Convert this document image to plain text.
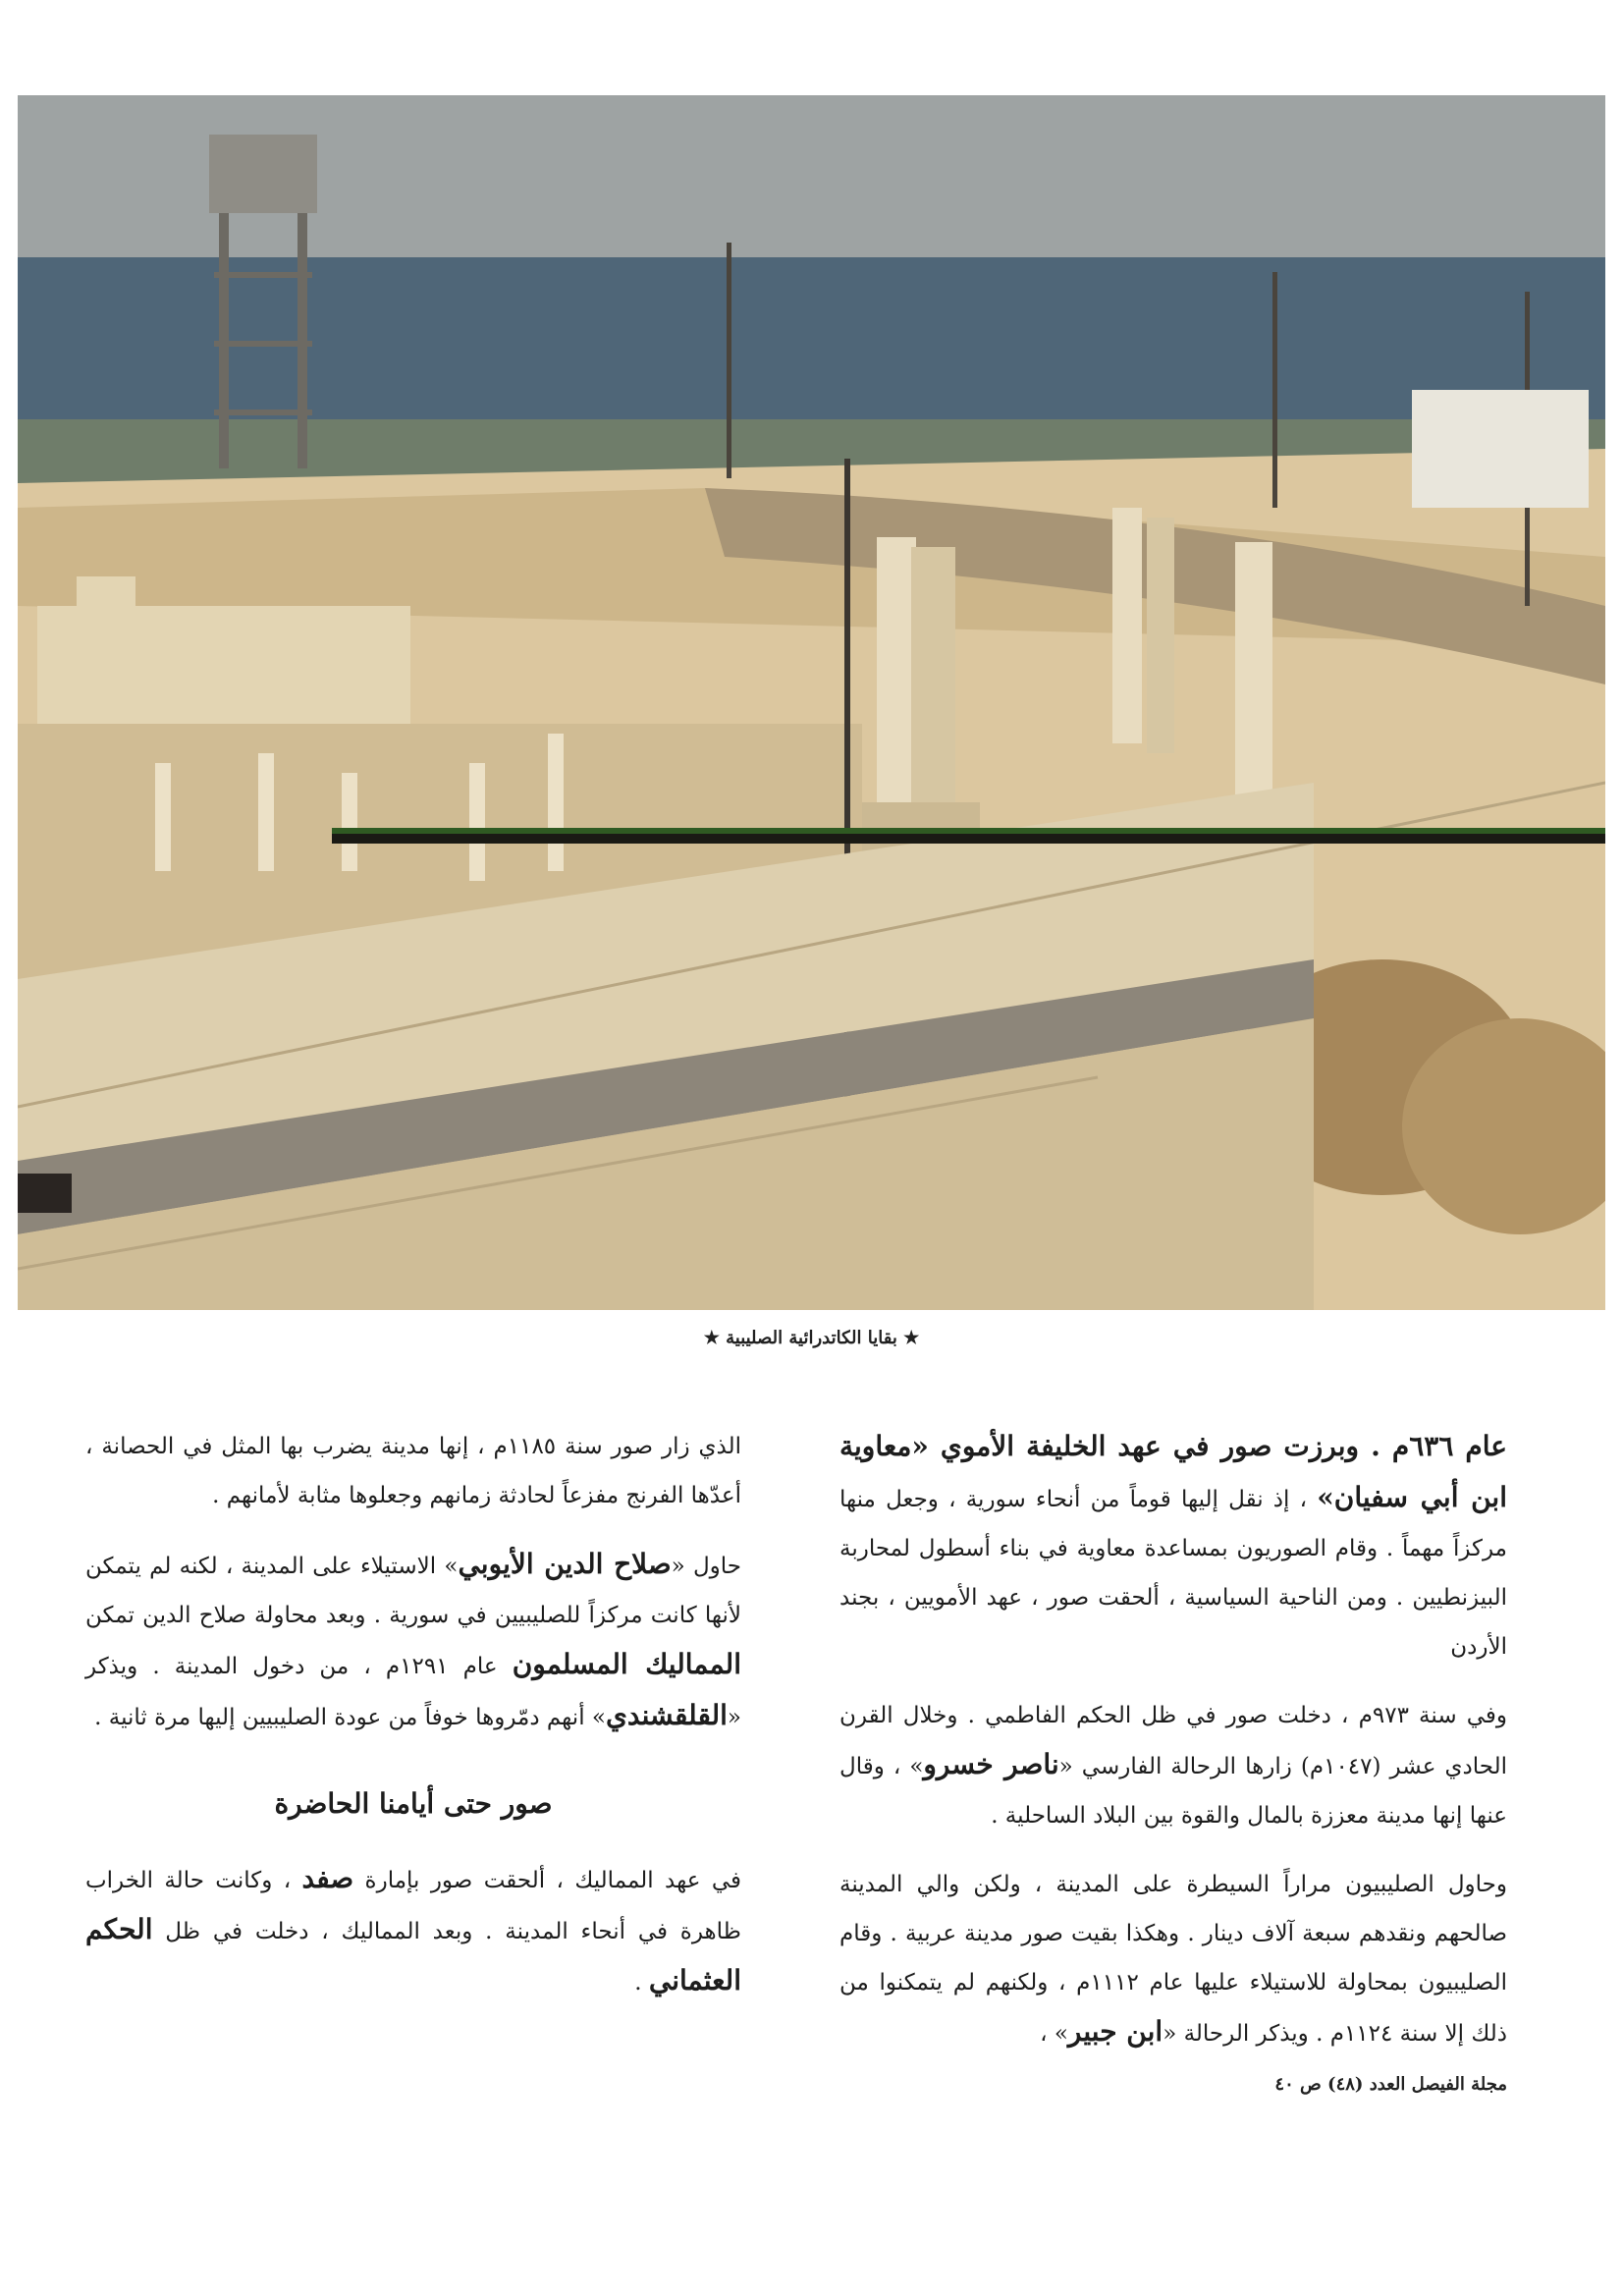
★ بقايا الكاتدرائية الصليبية ★

عام ٦٣٦م . وبرزت صور في عهد الخليفة الأموي «معاوية ابن أبي سفيان» ، إذ نقل إليها قوماً من أنحاء سورية ، وجعل منها مركزاً مهماً . وقام الصوريون بمساعدة معاوية في بناء أسطول لمحاربة البيزنطيين . ومن الناحية السياسية ، ألحقت صور ، عهد الأمويين ، بجند الأردن

وفي سنة ٩٧٣م ، دخلت صور في ظل الحكم الفاطمي . وخلال القرن الحادي عشر (١٠٤٧م) زارها الرحالة الفارسي «ناصر خسرو» ، وقال عنها إنها مدينة معززة بالمال والقوة بين البلاد الساحلية .

وحاول الصليبيون مراراً السيطرة على المدينة ، ولكن والي المدينة صالحهم ونقدهم سبعة آلاف دينار . وهكذا بقيت صور مدينة عربية . وقام الصليبيون بمحاولة للاستيلاء عليها عام ١١١٢م ، ولكنهم لم يتمكنوا من ذلك إلا سنة ١١٢٤م . ويذكر الرحالة «ابن جبير» ،

الذي زار صور سنة ١١٨٥م ، إنها مدينة يضرب بها المثل في الحصانة ، أعدّها الفرنج مفزعاً لحادثة زمانهم وجعلوها مثابة لأمانهم .

حاول «صلاح الدين الأيوبي» الاستيلاء على المدينة ، لكنه لم يتمكن لأنها كانت مركزاً للصليبيين في سورية . وبعد محاولة صلاح الدين تمكن المماليك المسلمون عام ١٢٩١م ، من دخول المدينة . ويذكر «القلقشندي» أنهم دمّروها خوفاً من عودة الصليبيين إليها مرة ثانية .

صور حتى أيامنا الحاضرة

في عهد المماليك ، ألحقت صور بإمارة صفد ، وكانت حالة الخراب ظاهرة في أنحاء المدينة . وبعد المماليك ، دخلت في ظل الحكم العثماني .

مجلة الفيصل العدد (٤٨) ص ٤٠
